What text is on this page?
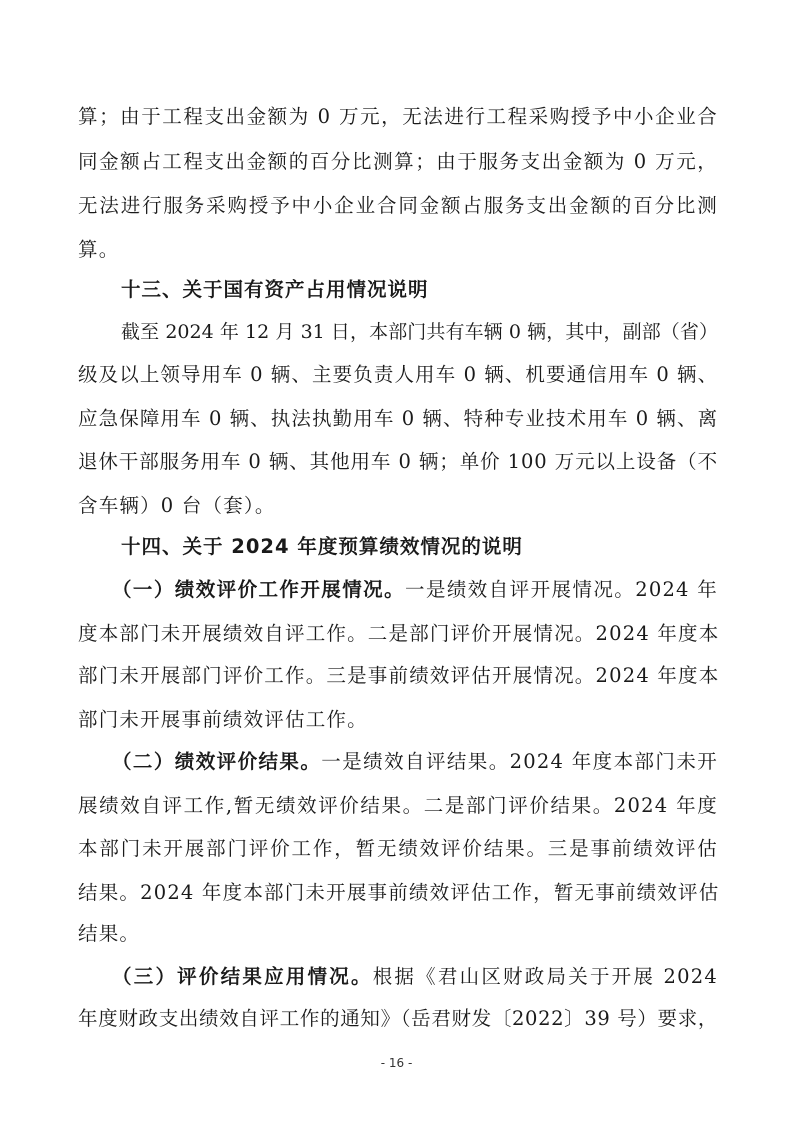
算；由于工程支出金额为 0 万元，无法进行工程采购授予中小企业合
同金额占工程支出金额的百分比测算；由于服务支出金额为 0 万元，
无法进行服务采购授予中小企业合同金额占服务支出金额的百分比测
算。
十三、关于国有资产占用情况说明
截至 2024 年 12 月 31 日，本部门共有车辆 0 辆，其中，副部（省）
级及以上领导用车 0 辆、主要负责人用车 0 辆、机要通信用车 0 辆、
应急保障用车 0 辆、执法执勤用车 0 辆、特种专业技术用车 0 辆、离
退休干部服务用车 0 辆、其他用车 0 辆；单价 100 万元以上设备（不
含车辆）0 台（套）。
十四、关于 2024 年度预算绩效情况的说明
（一）绩效评价工作开展情况。一是绩效自评开展情况。2024 年
度本部门未开展绩效自评工作。二是部门评价开展情况。2024 年度本
部门未开展部门评价工作。三是事前绩效评估开展情况。2024 年度本
部门未开展事前绩效评估工作。
（二）绩效评价结果。一是绩效自评结果。2024 年度本部门未开
展绩效自评工作,暂无绩效评价结果。二是部门评价结果。2024 年度
本部门未开展部门评价工作，暂无绩效评价结果。三是事前绩效评估
结果。2024 年度本部门未开展事前绩效评估工作，暂无事前绩效评估
结果。
（三）评价结果应用情况。根据《君山区财政局关于开展 2024
年度财政支出绩效自评工作的通知》（岳君财发〔2022〕39 号）要求，
- 16 -
